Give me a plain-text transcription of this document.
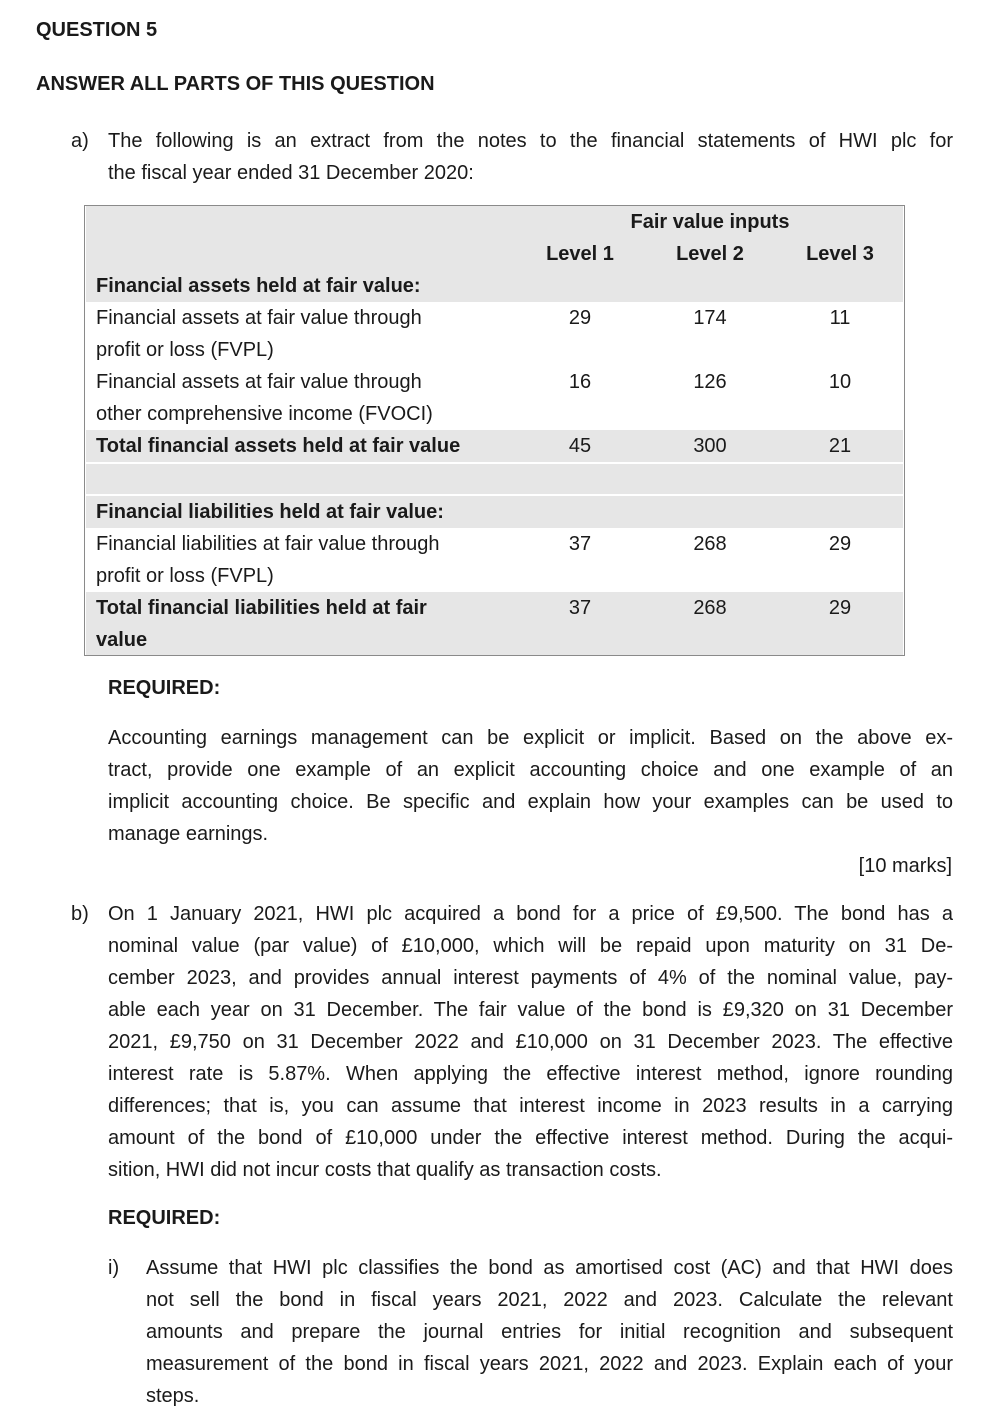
QUESTION 5
ANSWER ALL PARTS OF THIS QUESTION
a) The following is an extract from the notes to the financial statements of HWI plc for
the fiscal year ended 31 December 2020:
Fair value inputs
Level 1	Level 2	Level 3
Financial assets held at fair value:
Financial assets at fair value through
profit or loss (FVPL)
29	174	11
Financial assets at fair value through
other comprehensive income (FVOCI)
16	126	10
Total financial assets held at fair value	45	300	21
Financial liabilities held at fair value:
Financial liabilities at fair value through
profit or loss (FVPL)
37	268	29
Total financial liabilities held at fair
value
37	268	29
REQUIRED:
Accounting earnings management can be explicit or implicit. Based on the above ex-
tract, provide one example of an explicit accounting choice and one example of an
implicit accounting choice. Be specific and explain how your examples can be used to
manage earnings.
[10 marks]
b) On 1 January 2021, HWI plc acquired a bond for a price of £9,500. The bond has a
nominal value (par value) of £10,000, which will be repaid upon maturity on 31 De-
cember 2023, and provides annual interest payments of 4% of the nominal value, pay-
able each year on 31 December. The fair value of the bond is £9,320 on 31 December
2021, £9,750 on 31 December 2022 and £10,000 on 31 December 2023. The effective
interest rate is 5.87%. When applying the effective interest method, ignore rounding
differences; that is, you can assume that interest income in 2023 results in a carrying
amount of the bond of £10,000 under the effective interest method. During the acqui-
sition, HWI did not incur costs that qualify as transaction costs.
REQUIRED:
i) Assume that HWI plc classifies the bond as amortised cost (AC) and that HWI does
not sell the bond in fiscal years 2021, 2022 and 2023. Calculate the relevant
amounts and prepare the journal entries for initial recognition and subsequent
measurement of the bond in fiscal years 2021, 2022 and 2023. Explain each of your
steps.
